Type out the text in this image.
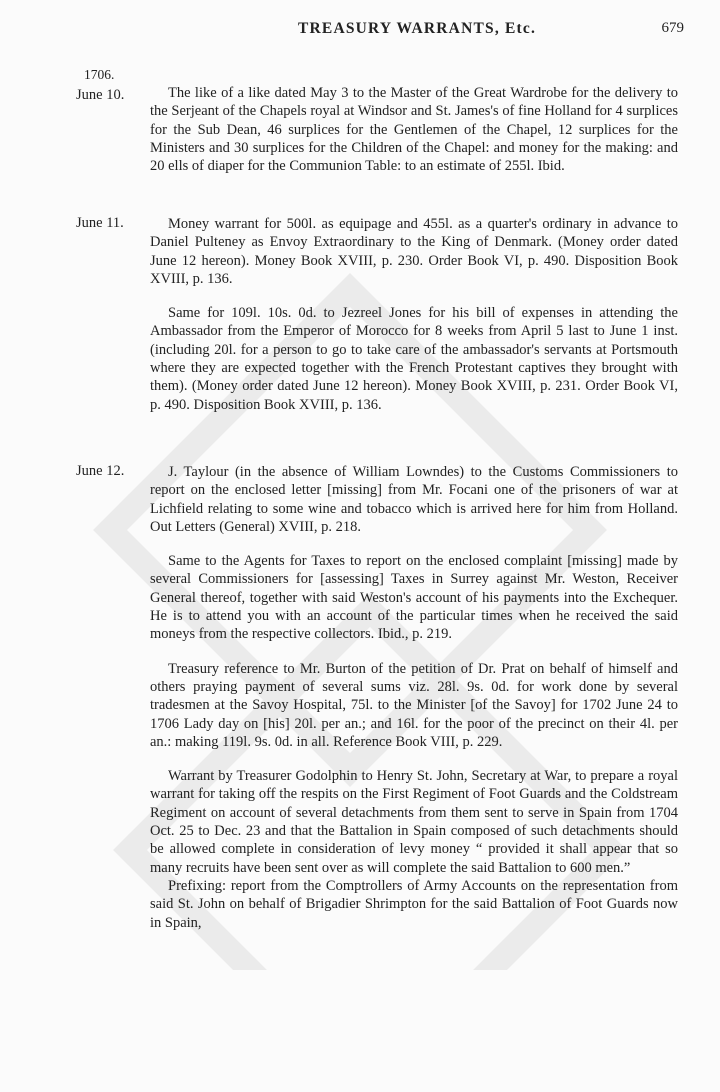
TREASURY WARRANTS, Etc.	679
1706.
June 10.	The like of a like dated May 3 to the Master of the Great Wardrobe for the delivery to the Serjeant of the Chapels royal at Windsor and St. James's of fine Holland for 4 surplices for the Sub Dean, 46 surplices for the Gentlemen of the Chapel, 12 surplices for the Ministers and 30 surplices for the Children of the Chapel: and money for the making: and 20 ells of diaper for the Communion Table: to an estimate of 255l. Ibid.

June 11.	Money warrant for 500l. as equipage and 455l. as a quarter's ordinary in advance to Daniel Pulteney as Envoy Extraordinary to the King of Denmark. (Money order dated June 12 hereon). Money Book XVIII, p. 230. Order Book VI, p. 490. Disposition Book XVIII, p. 136.

Same for 109l. 10s. 0d. to Jezreel Jones for his bill of expenses in attending the Ambassador from the Emperor of Morocco for 8 weeks from April 5 last to June 1 inst. (including 20l. for a person to go to take care of the ambassador's servants at Portsmouth where they are expected together with the French Protestant captives they brought with them). (Money order dated June 12 hereon). Money Book XVIII, p. 231. Order Book VI, p. 490. Disposition Book XVIII, p. 136.

June 12.	J. Taylour (in the absence of William Lowndes) to the Customs Commissioners to report on the enclosed letter [missing] from Mr. Focani one of the prisoners of war at Lichfield relating to some wine and tobacco which is arrived here for him from Holland. Out Letters (General) XVIII, p. 218.

Same to the Agents for Taxes to report on the enclosed complaint [missing] made by several Commissioners for [assessing] Taxes in Surrey against Mr. Weston, Receiver General thereof, together with said Weston's account of his payments into the Exchequer. He is to attend you with an account of the particular times when he received the said moneys from the respective collectors. Ibid., p. 219.

Treasury reference to Mr. Burton of the petition of Dr. Prat on behalf of himself and others praying payment of several sums viz. 28l. 9s. 0d. for work done by several tradesmen at the Savoy Hospital, 75l. to the Minister [of the Savoy] for 1702 June 24 to 1706 Lady day on [his] 20l. per an.; and 16l. for the poor of the precinct on their 4l. per an.: making 119l. 9s. 0d. in all. Reference Book VIII, p. 229.

Warrant by Treasurer Godolphin to Henry St. John, Secretary at War, to prepare a royal warrant for taking off the respits on the First Regiment of Foot Guards and the Coldstream Regiment on account of several detachments from them sent to serve in Spain from 1704 Oct. 25 to Dec. 23 and that the Battalion in Spain composed of such detachments should be allowed complete in consideration of levy money “ provided it shall appear that so many recruits have been sent over as will complete the said Battalion to 600 men.”

Prefixing: report from the Comptrollers of Army Accounts on the representation from said St. John on behalf of Brigadier Shrimpton for the said Battalion of Foot Guards now in Spain,
